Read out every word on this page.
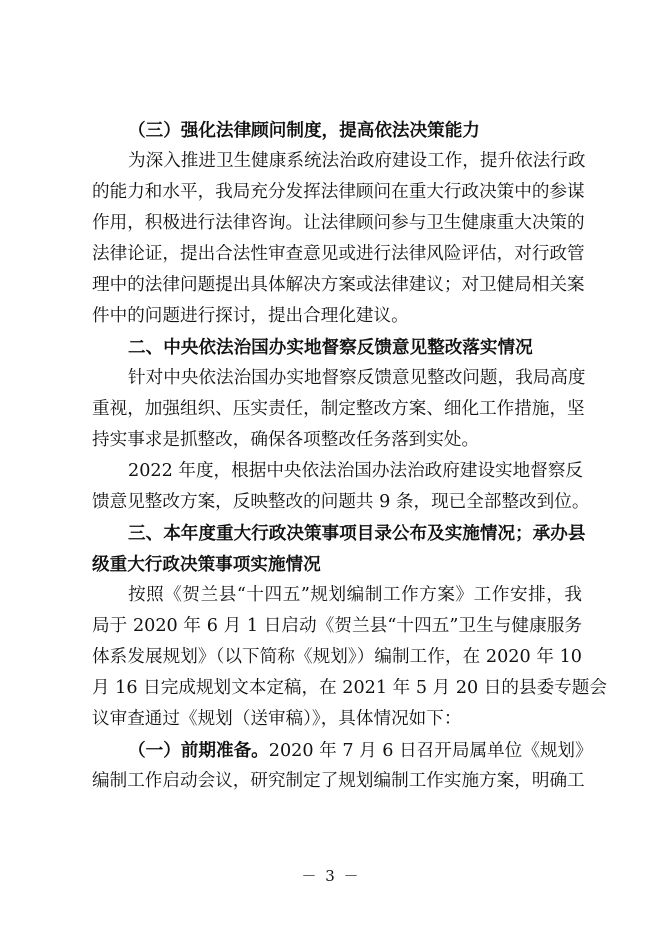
（三）强化法律顾问制度，提高依法决策能力
为深入推进卫生健康系统法治政府建设工作，提升依法行政
的能力和水平，我局充分发挥法律顾问在重大行政决策中的参谋
作用，积极进行法律咨询。让法律顾问参与卫生健康重大决策的
法律论证，提出合法性审查意见或进行法律风险评估，对行政管
理中的法律问题提出具体解决方案或法律建议；对卫健局相关案
件中的问题进行探讨，提出合理化建议。
二、中央依法治国办实地督察反馈意见整改落实情况
针对中央依法治国办实地督察反馈意见整改问题，我局高度
重视，加强组织、压实责任，制定整改方案、细化工作措施，坚
持实事求是抓整改，确保各项整改任务落到实处。
2022 年度，根据中央依法治国办法治政府建设实地督察反
馈意见整改方案，反映整改的问题共 9 条，现已全部整改到位。
三、本年度重大行政决策事项目录公布及实施情况；承办县
级重大行政决策事项实施情况
按照《贺兰县“十四五”规划编制工作方案》工作安排，我
局于 2020 年 6 月 1 日启动《贺兰县“十四五”卫生与健康服务
体系发展规划》（以下简称《规划》）编制工作，在 2020 年 10
月 16 日完成规划文本定稿，在 2021 年 5 月 20 日的县委专题会
议审查通过《规划（送审稿）》，具体情况如下：
（一）前期准备。2020 年 7 月 6 日召开局属单位《规划》
编制工作启动会议，研究制定了规划编制工作实施方案，明确工
－ 3 －
